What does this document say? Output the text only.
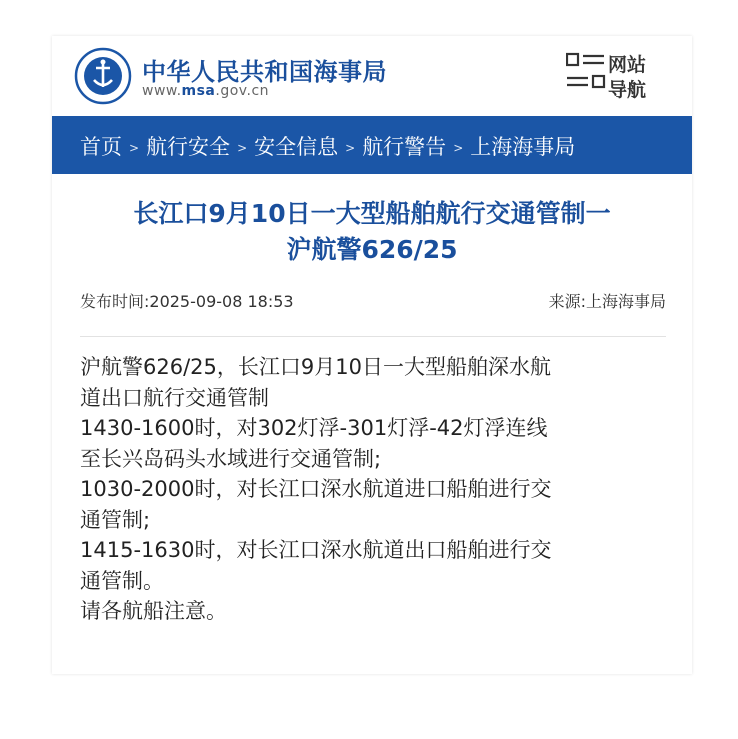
中华人民共和国海事局
www.msa.gov.cn
网站
导航
首页 > 航行安全 > 安全信息 > 航行警告 > 上海海事局
长江口9月10日一大型船舶航行交通管制一
沪航警626/25
发布时间:2025-09-08 18:53	来源:上海海事局
沪航警626/25，长江口9月10日一大型船舶深水航
道出口航行交通管制
1430-1600时，对302灯浮-301灯浮-42灯浮连线
至长兴岛码头水域进行交通管制;
1030-2000时，对长江口深水航道进口船舶进行交
通管制;
1415-1630时，对长江口深水航道出口船舶进行交
通管制。
请各航船注意。
